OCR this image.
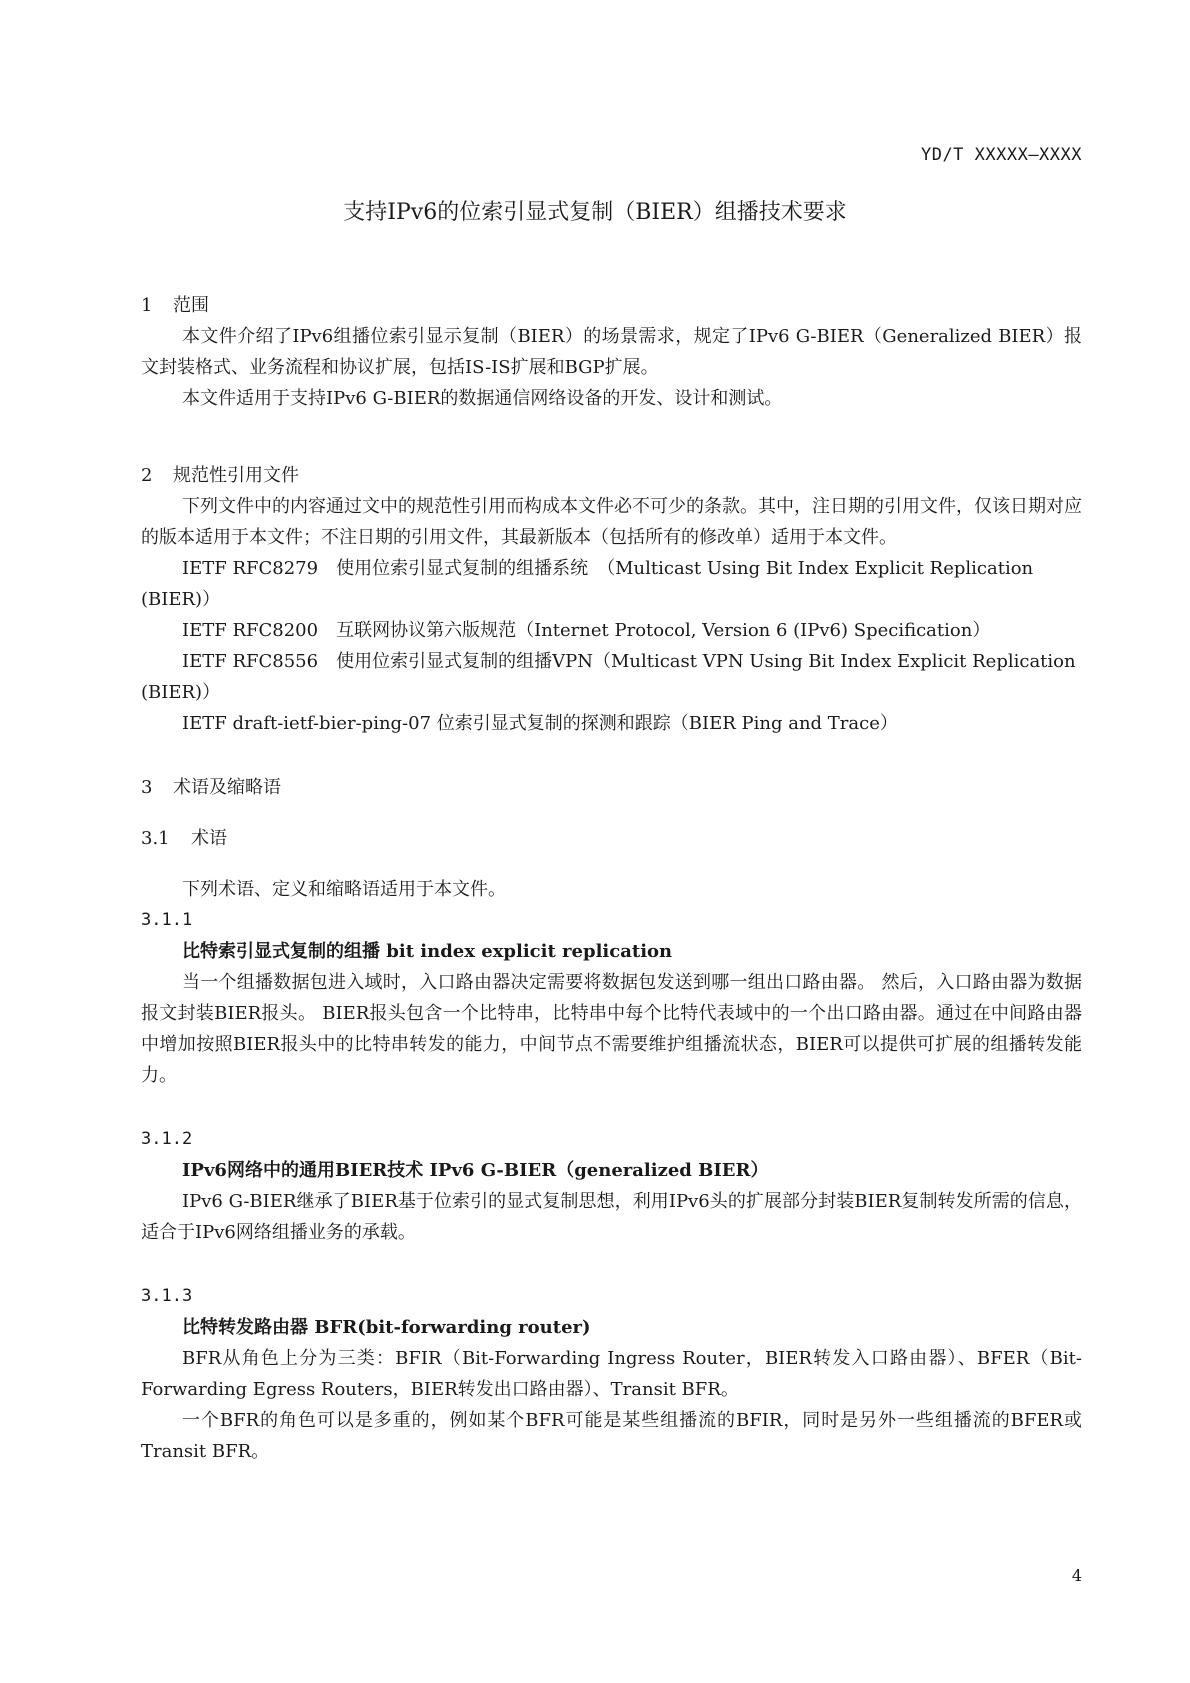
YD/T XXXXX—XXXX
支持IPv6的位索引显式复制（BIER）组播技术要求

1 范围

本文件介绍了IPv6组播位索引显示复制（BIER）的场景需求，规定了IPv6 G-BIER（Generalized BIER）报文封装格式、业务流程和协议扩展，包括IS-IS扩展和BGP扩展。

本文件适用于支持IPv6 G-BIER的数据通信网络设备的开发、设计和测试。

2 规范性引用文件

下列文件中的内容通过文中的规范性引用而构成本文件必不可少的条款。其中，注日期的引用文件，仅该日期对应的版本适用于本文件；不注日期的引用文件，其最新版本（包括所有的修改单）适用于本文件。

IETF RFC8279　使用位索引显式复制的组播系统　（Multicast Using Bit Index Explicit Replication (BIER)）

IETF RFC8200　互联网协议第六版规范（Internet Protocol, Version 6 (IPv6) Specification）

IETF RFC8556　使用位索引显式复制的组播VPN（Multicast VPN Using Bit Index Explicit Replication (BIER)）

IETF draft-ietf-bier-ping-07 位索引显式复制的探测和跟踪（BIER Ping and Trace）

3 术语及缩略语

3.1 术语

下列术语、定义和缩略语适用于本文件。

3.1.1

比特索引显式复制的组播 bit index explicit replication

当一个组播数据包进入域时，入口路由器决定需要将数据包发送到哪一组出口路由器。 然后，入口路由器为数据报文封装BIER报头。 BIER报头包含一个比特串，比特串中每个比特代表域中的一个出口路由器。通过在中间路由器中增加按照BIER报头中的比特串转发的能力，中间节点不需要维护组播流状态，BIER可以提供可扩展的组播转发能力。

3.1.2

IPv6网络中的通用BIER技术 IPv6 G-BIER（generalized BIER）

IPv6 G-BIER继承了BIER基于位索引的显式复制思想，利用IPv6头的扩展部分封装BIER复制转发所需的信息，适合于IPv6网络组播业务的承载。

3.1.3

比特转发路由器 BFR(bit-forwarding router)

BFR从角色上分为三类：BFIR（Bit-Forwarding Ingress Router，BIER转发入口路由器）、BFER（Bit-Forwarding Egress Routers，BIER转发出口路由器）、Transit BFR。

一个BFR的角色可以是多重的，例如某个BFR可能是某些组播流的BFIR，同时是另外一些组播流的BFER或Transit BFR。

4
